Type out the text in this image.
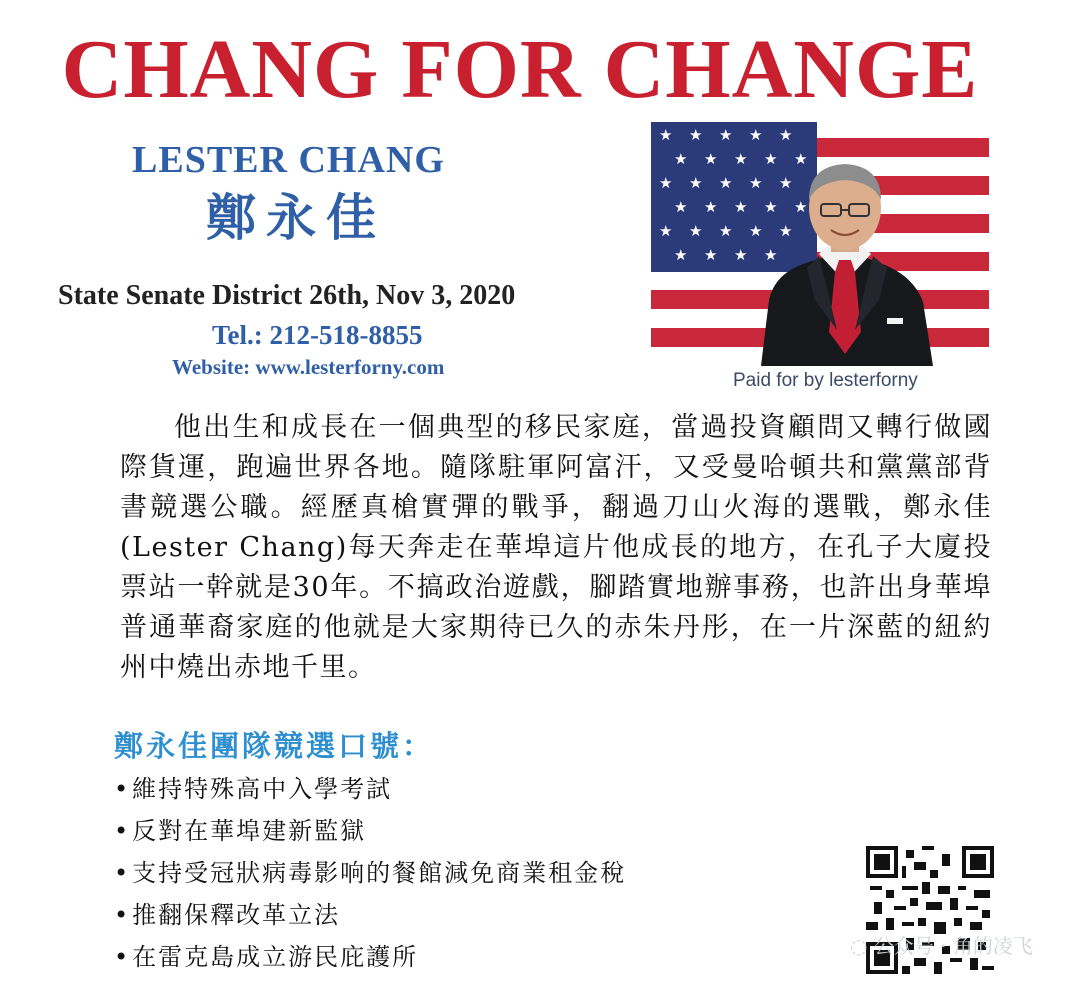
CHANG FOR CHANGE
LESTER CHANG
鄭永佳
State Senate District 26th, Nov 3, 2020
Tel.: 212-518-8855
Website: www.lesterforny.com
★ ★ ★ ★ ★
★ ★ ★ ★ ★
★ ★ ★ ★ ★
★ ★ ★ ★ ★
★ ★ ★ ★ ★
★ ★ ★ ★
Paid for by lesterforny
他出生和成長在一個典型的移民家庭，當過投資顧問又轉行做國際貨運，跑遍世界各地。隨隊駐軍阿富汗，又受曼哈頓共和黨黨部背書競選公職。經歷真槍實彈的戰爭，翻過刀山火海的選戰，鄭永佳 (Lester Chang)每天奔走在華埠這片他成長的地方，在孔子大廈投票站一幹就是30年。不搞政治遊戲，腳踏實地辦事務，也許出身華埠普通華裔家庭的他就是大家期待已久的赤朱丹彤，在一片深藍的紐約州中燒出赤地千里。
鄭永佳團隊競選口號：
•維持特殊高中入學考試
•反對在華埠建新監獄
•支持受冠狀病毒影响的餐館減免商業租金稅
•推翻保釋改革立法
•在雷克島成立游民庇護所	◌ 公众号 · 角的凌飞
